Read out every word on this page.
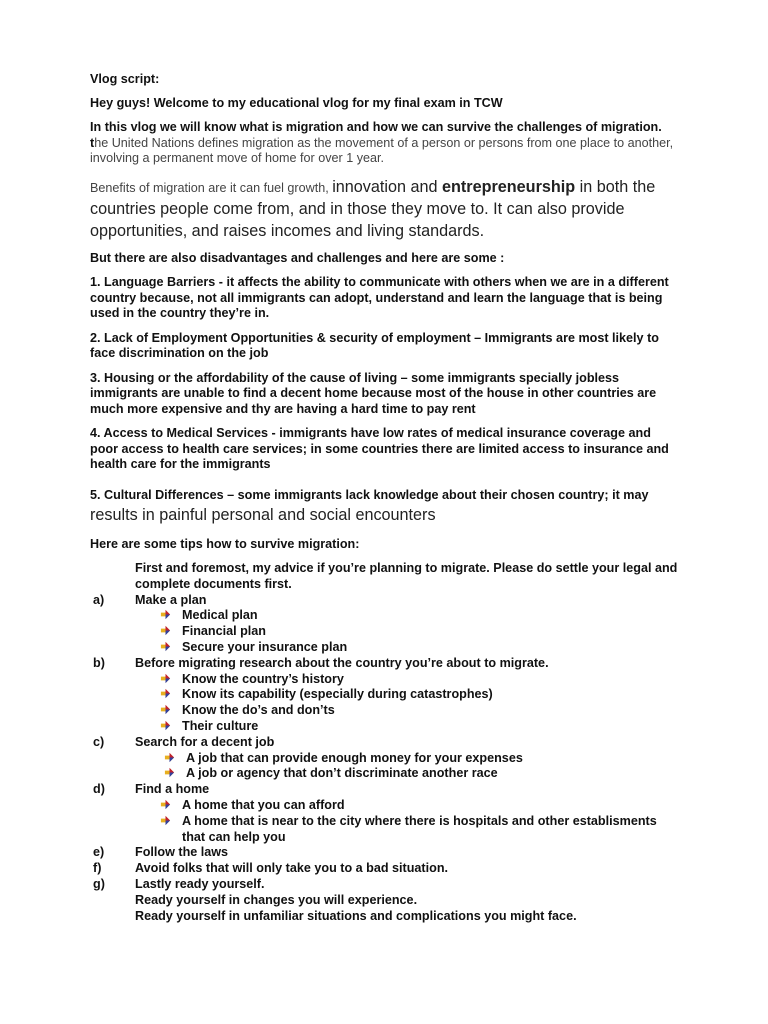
Vlog script:

Hey guys! Welcome to my educational vlog for my final exam in TCW

In this vlog we will know what is migration and how we can survive the challenges of migration. the United Nations defines migration as the movement of a person or persons from one place to another, involving a permanent move of home for over 1 year.

Benefits of migration are it can fuel growth, innovation and entrepreneurship in both the countries people come from, and in those they move to. It can also provide opportunities, and raises incomes and living standards.

But there are also disadvantages and challenges and here are some :

1. Language Barriers - it affects the ability to communicate with others when we are in a different country because, not all immigrants can adopt, understand and learn the language that is being used in the country they’re in.

2. Lack of Employment Opportunities & security of employment – Immigrants are most likely to face discrimination on the job

3. Housing or the affordability of the cause of living – some immigrants specially jobless immigrants are unable to find a decent home because most of the house in other countries are much more expensive and thy are having a hard time to pay rent

4. Access to Medical Services - immigrants have low rates of medical insurance coverage and poor access to health care services; in some countries there are limited access to insurance and health care for the immigrants

5. Cultural Differences – some immigrants lack knowledge about their chosen country; it may results in painful personal and social encounters

Here are some tips how to survive migration:

First and foremost, my advice if you’re planning to migrate. Please do settle your legal and complete documents first.
a)	Make a plan
Medical plan
Financial plan
Secure your insurance plan
b)	Before migrating research about the country you’re about to migrate.
Know the country’s history
Know its capability (especially during catastrophes)
Know the do’s and don’ts
Their culture
c)	Search for a decent job
A job that can provide enough money for your expenses
A job or agency that don’t discriminate another race
d)	Find a home
A home that you can afford
A home that is near to the city where there is hospitals and other establisments that can help you
e)	Follow the laws
f)	Avoid folks that will only take you to a bad situation.
g)	Lastly ready yourself.
Ready yourself in changes you will experience.
Ready yourself in unfamiliar situations and complications you might face.
